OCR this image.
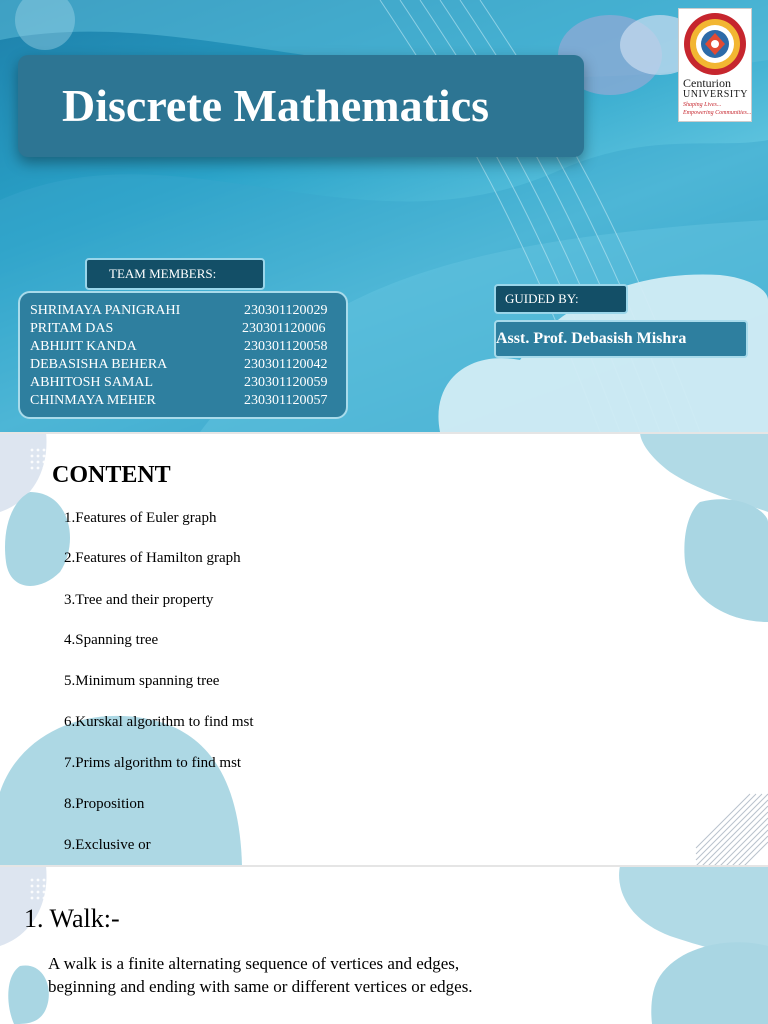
Discrete Mathematics	Centurion
UNIVERSITY
Shaping Lives...
Empowering Communities...
TEAM MEMBERS:
SHRIMAYA PANIGRAHI	230301120029
PRITAM DAS	230301120006
ABHIJIT KANDA	230301120058
DEBASISHA BEHERA	230301120042
ABHITOSH SAMAL	230301120059
CHINMAYA MEHER	230301120057
GUIDED BY:
Asst. Prof. Debasish Mishra
CONTENT
1.Features of Euler graph
2.Features of Hamilton graph
3.Tree and their property
4.Spanning tree
5.Minimum spanning tree
6.Kurskal algorithm to find mst
7.Prims algorithm to find mst
8.Proposition
9.Exclusive or
1. Walk:-
A walk is a finite alternating sequence of vertices and edges, beginning and ending with same or different vertices or edges.
